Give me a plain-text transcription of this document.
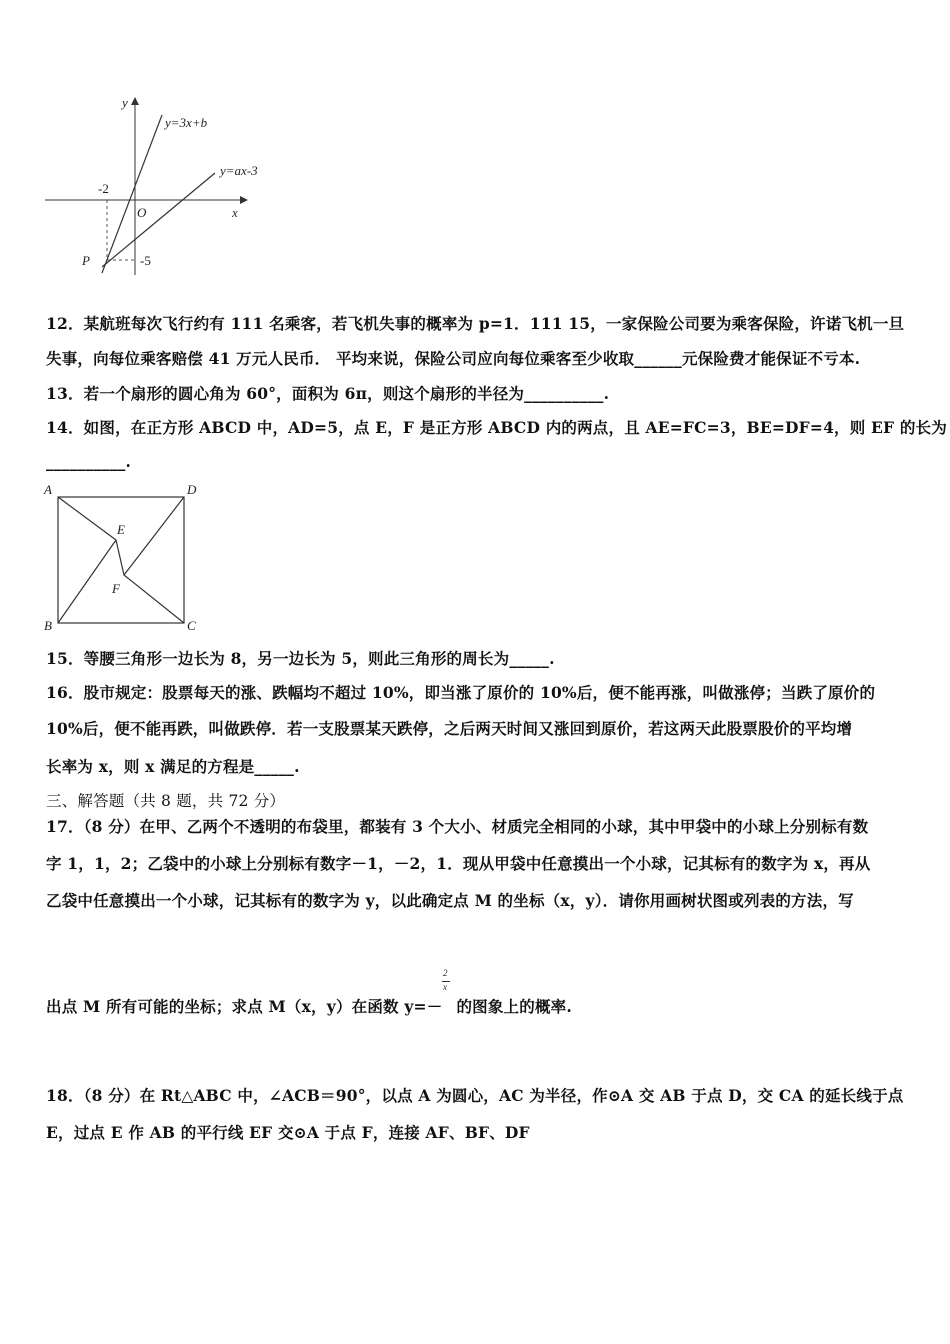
y
x
O
y=3x+b
y=ax-3
-2
-5
P
12．某航班每次飞行约有 111 名乘客，若飞机失事的概率为 p=1．111 15，一家保险公司要为乘客保险，许诺飞机一旦
失事，向每位乘客赔偿 41 万元人民币． 平均来说，保险公司应向每位乘客至少收取______元保险费才能保证不亏本.
13．若一个扇形的圆心角为 60°，面积为 6π，则这个扇形的半径为__________.
14．如图，在正方形 ABCD 中，AD=5，点 E，F 是正方形 ABCD 内的两点，且 AE=FC=3，BE=DF=4，则 EF 的长为
__________.
A	D
B	C
E
F
15．等腰三角形一边长为 8，另一边长为 5，则此三角形的周长为_____.
16．股市规定：股票每天的涨、跌幅均不超过 10%，即当涨了原价的 10%后，便不能再涨，叫做涨停；当跌了原价的
10%后，便不能再跌，叫做跌停．若一支股票某天跌停，之后两天时间又涨回到原价，若这两天此股票股价的平均增
长率为 x，则 x 满足的方程是_____.
三、解答题（共 8 题，共 72 分）
17．（8 分）在甲、乙两个不透明的布袋里，都装有 3 个大小、材质完全相同的小球，其中甲袋中的小球上分别标有数
字 1，1，2；乙袋中的小球上分别标有数字－1，－2，1．现从甲袋中任意摸出一个小球，记其标有的数字为 x，再从
乙袋中任意摸出一个小球，记其标有的数字为 y，以此确定点 M 的坐标（x，y）．请你用画树状图或列表的方法，写
出点 M 所有可能的坐标；求点 M（x，y）在函数 y=－ 的图象上的概率.
2
x
18．（8 分）在 Rt△ABC 中，∠ACB＝90°，以点 A 为圆心，AC 为半径，作⊙A 交 AB 于点 D，交 CA 的延长线于点
E，过点 E 作 AB 的平行线 EF 交⊙A 于点 F，连接 AF、BF、DF
